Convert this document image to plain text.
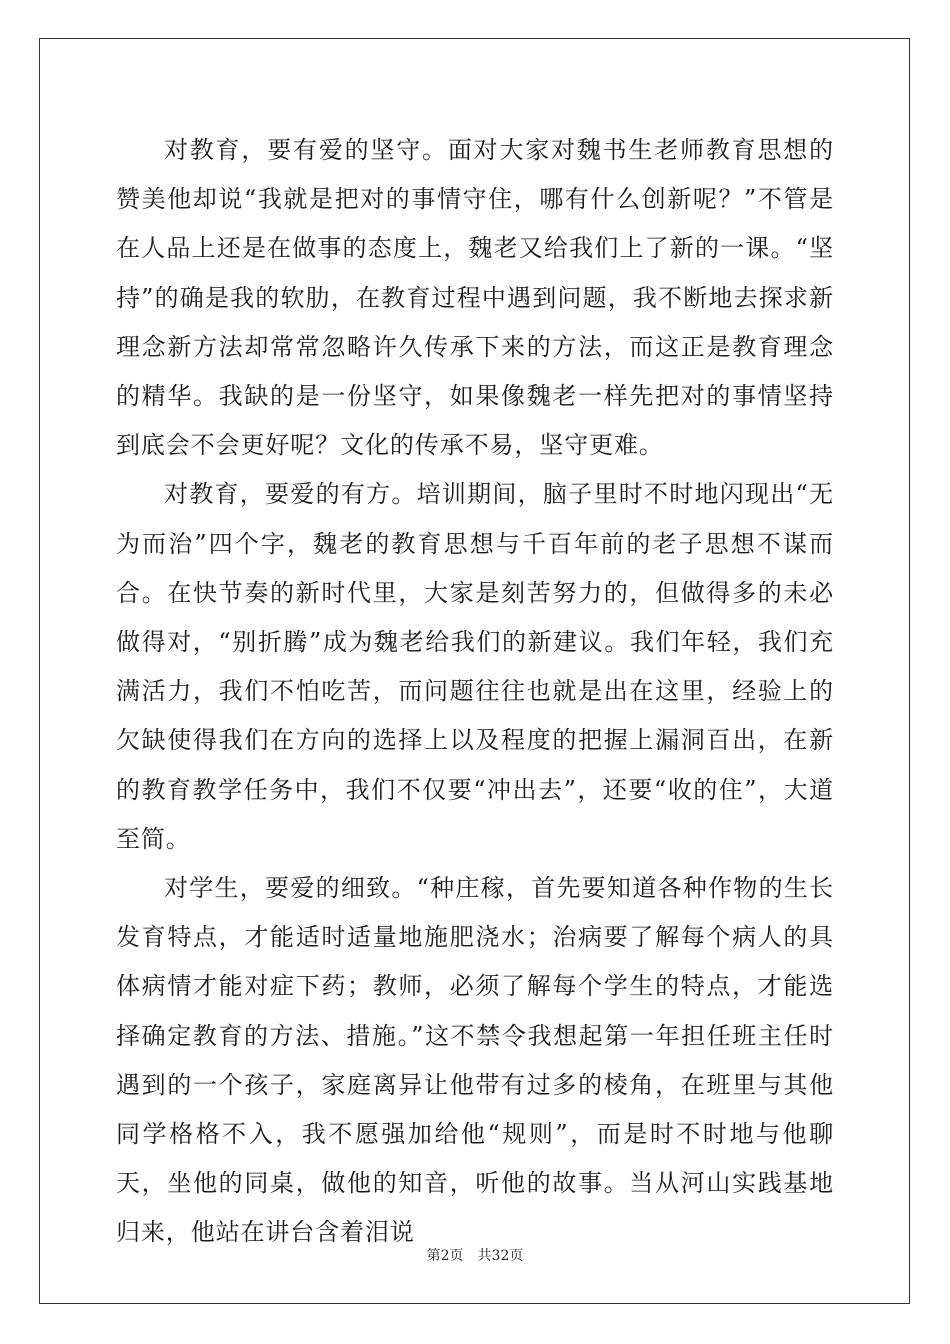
对教育，要有爱的坚守。面对大家对魏书生老师教育思想的赞美他却说“我就是把对的事情守住，哪有什么创新呢？”不管是在人品上还是在做事的态度上，魏老又给我们上了新的一课。“坚持”的确是我的软肋，在教育过程中遇到问题，我不断地去探求新理念新方法却常常忽略许久传承下来的方法，而这正是教育理念的精华。我缺的是一份坚守，如果像魏老一样先把对的事情坚持到底会不会更好呢？文化的传承不易，坚守更难。

对教育，要爱的有方。培训期间，脑子里时不时地闪现出“无为而治”四个字，魏老的教育思想与千百年前的老子思想不谋而合。在快节奏的新时代里，大家是刻苦努力的，但做得多的未必做得对，“别折腾”成为魏老给我们的新建议。我们年轻，我们充满活力，我们不怕吃苦，而问题往往也就是出在这里，经验上的欠缺使得我们在方向的选择上以及程度的把握上漏洞百出，在新的教育教学任务中，我们不仅要“冲出去”，还要“收的住”，大道至简。

对学生，要爱的细致。“种庄稼，首先要知道各种作物的生长发育特点，才能适时适量地施肥浇水；治病要了解每个病人的具体病情才能对症下药；教师，必须了解每个学生的特点，才能选择确定教育的方法、措施。”这不禁令我想起第一年担任班主任时遇到的一个孩子，家庭离异让他带有过多的棱角，在班里与其他同学格格不入，我不愿强加给他“规则”，而是时不时地与他聊天，坐他的同桌，做他的知音，听他的故事。当从河山实践基地归来，他站在讲台含着泪说

第2页 共32页
